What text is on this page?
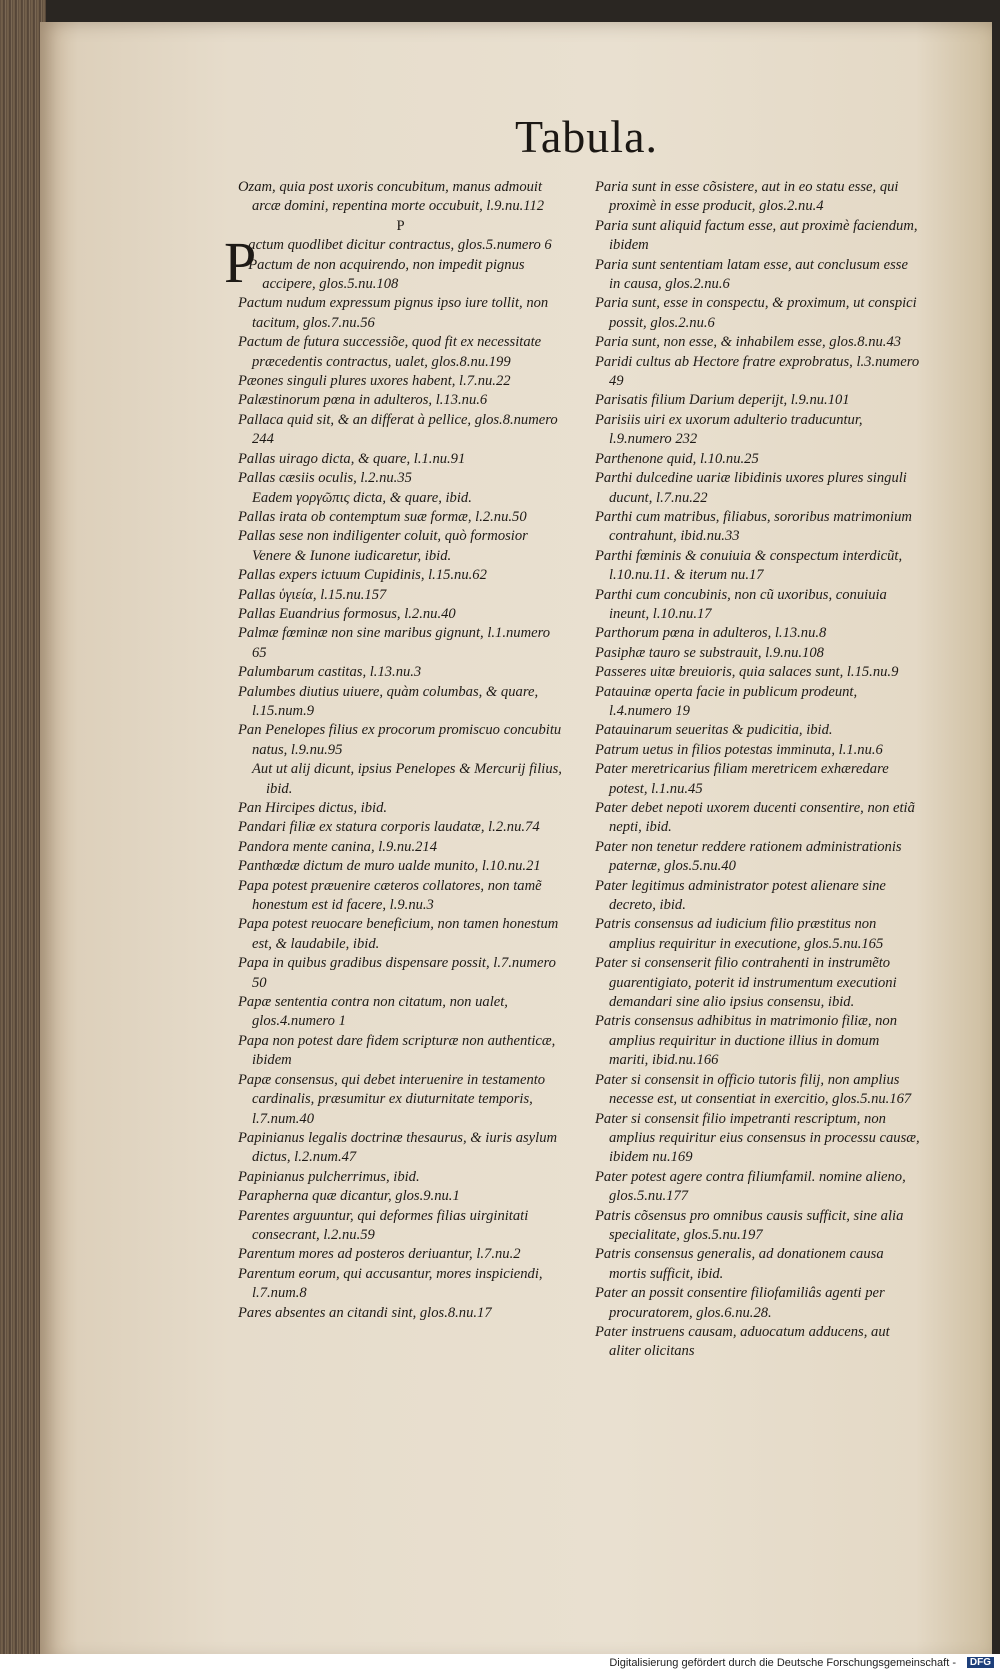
Tabula.

Ozam, quia post uxoris concubitum, manus admouit arcæ domini, repentina morte occubuit, l.9.nu.112

P

P
actum quodlibet dicitur contractus, glos.5.numero 6

Pactum de non acquirendo, non impedit pignus accipere, glos.5.nu.108

Pactum nudum expressum pignus ipso iure tollit, non tacitum, glos.7.nu.56

Pactum de futura successiõe, quod fit ex necessitate præcedentis contractus, ualet, glos.8.nu.199

Pæones singuli plures uxores habent, l.7.nu.22

Palæstinorum pœna in adulteros, l.13.nu.6

Pallaca quid sit, & an differat à pellice, glos.8.numero 244

Pallas uirago dicta, & quare, l.1.nu.91

Pallas cæsiis oculis, l.2.nu.35

Eadem γοργῶπις dicta, & quare, ibid.

Pallas irata ob contemptum suæ formæ, l.2.nu.50

Pallas sese non indiligenter coluit, quò formosior Venere & Iunone iudicaretur, ibid.

Pallas expers ictuum Cupidinis, l.15.nu.62

Pallas ὑγιεία, l.15.nu.157

Pallas Euandrius formosus, l.2.nu.40

Palmæ fœminæ non sine maribus gignunt, l.1.numero 65

Palumbarum castitas, l.13.nu.3

Palumbes diutius uiuere, quàm columbas, & quare, l.15.num.9

Pan Penelopes filius ex procorum promiscuo concubitu natus, l.9.nu.95

Aut ut alij dicunt, ipsius Penelopes & Mercurij filius, ibid.

Pan Hircipes dictus, ibid.

Pandari filiæ ex statura corporis laudatæ, l.2.nu.74

Pandora mente canina, l.9.nu.214

Panthœdæ dictum de muro ualde munito, l.10.nu.21

Papa potest præuenire cæteros collatores, non tamẽ honestum est id facere, l.9.nu.3

Papa potest reuocare beneficium, non tamen honestum est, & laudabile, ibid.

Papa in quibus gradibus dispensare possit, l.7.numero 50

Papæ sententia contra non citatum, non ualet, glos.4.numero 1

Papa non potest dare fidem scripturæ non authenticæ, ibidem

Papæ consensus, qui debet interuenire in testamento cardinalis, præsumitur ex diuturnitate temporis, l.7.num.40

Papinianus legalis doctrinæ thesaurus, & iuris asylum dictus, l.2.num.47

Papinianus pulcherrimus, ibid.

Parapherna quæ dicantur, glos.9.nu.1

Parentes arguuntur, qui deformes filias uirginitati consecrant, l.2.nu.59

Parentum mores ad posteros deriuantur, l.7.nu.2

Parentum eorum, qui accusantur, mores inspiciendi, l.7.num.8

Pares absentes an citandi sint, glos.8.nu.17

Paria sunt in esse cõsistere, aut in eo statu esse, qui proximè in esse producit, glos.2.nu.4

Paria sunt aliquid factum esse, aut proximè faciendum, ibidem

Paria sunt sententiam latam esse, aut conclusum esse in causa, glos.2.nu.6

Paria sunt, esse in conspectu, & proximum, ut conspici possit, glos.2.nu.6

Paria sunt, non esse, & inhabilem esse, glos.8.nu.43

Paridi cultus ab Hectore fratre exprobratus, l.3.numero 49

Parisatis filium Darium deperijt, l.9.nu.101

Parisiis uiri ex uxorum adulterio traducuntur, l.9.numero 232

Parthenone quid, l.10.nu.25

Parthi dulcedine uariæ libidinis uxores plures singuli ducunt, l.7.nu.22

Parthi cum matribus, filiabus, sororibus matrimonium contrahunt, ibid.nu.33

Parthi fœminis & conuiuia & conspectum interdicũt, l.10.nu.11. & iterum nu.17

Parthi cum concubinis, non cũ uxoribus, conuiuia ineunt, l.10.nu.17

Parthorum pœna in adulteros, l.13.nu.8

Pasiphæ tauro se substrauit, l.9.nu.108

Passeres uitæ breuioris, quia salaces sunt, l.15.nu.9

Patauinæ operta facie in publicum prodeunt, l.4.numero 19

Patauinarum seueritas & pudicitia, ibid.

Patrum uetus in filios potestas imminuta, l.1.nu.6

Pater meretricarius filiam meretricem exhæredare potest, l.1.nu.45

Pater debet nepoti uxorem ducenti consentire, non etiã nepti, ibid.

Pater non tenetur reddere rationem administrationis paternæ, glos.5.nu.40

Pater legitimus administrator potest alienare sine decreto, ibid.

Patris consensus ad iudicium filio præstitus non amplius requiritur in executione, glos.5.nu.165

Pater si consenserit filio contrahenti in instrumẽto guarentigiato, poterit id instrumentum executioni demandari sine alio ipsius consensu, ibid.

Patris consensus adhibitus in matrimonio filiæ, non amplius requiritur in ductione illius in domum mariti, ibid.nu.166

Pater si consensit in officio tutoris filij, non amplius necesse est, ut consentiat in exercitio, glos.5.nu.167

Pater si consensit filio impetranti rescriptum, non amplius requiritur eius consensus in processu causæ, ibidem nu.169

Pater potest agere contra filiumfamil. nomine alieno, glos.5.nu.177

Patris cõsensus pro omnibus causis sufficit, sine alia specialitate, glos.5.nu.197

Patris consensus generalis, ad donationem causa mortis sufficit, ibid.

Pater an possit consentire filiofamiliâs agenti per procuratorem, glos.6.nu.28.

Pater instruens causam, aduocatum adducens, aut aliter olicitans

Digitalisierung gefördert durch die Deutsche Forschungsgemeinschaft -	DFG
